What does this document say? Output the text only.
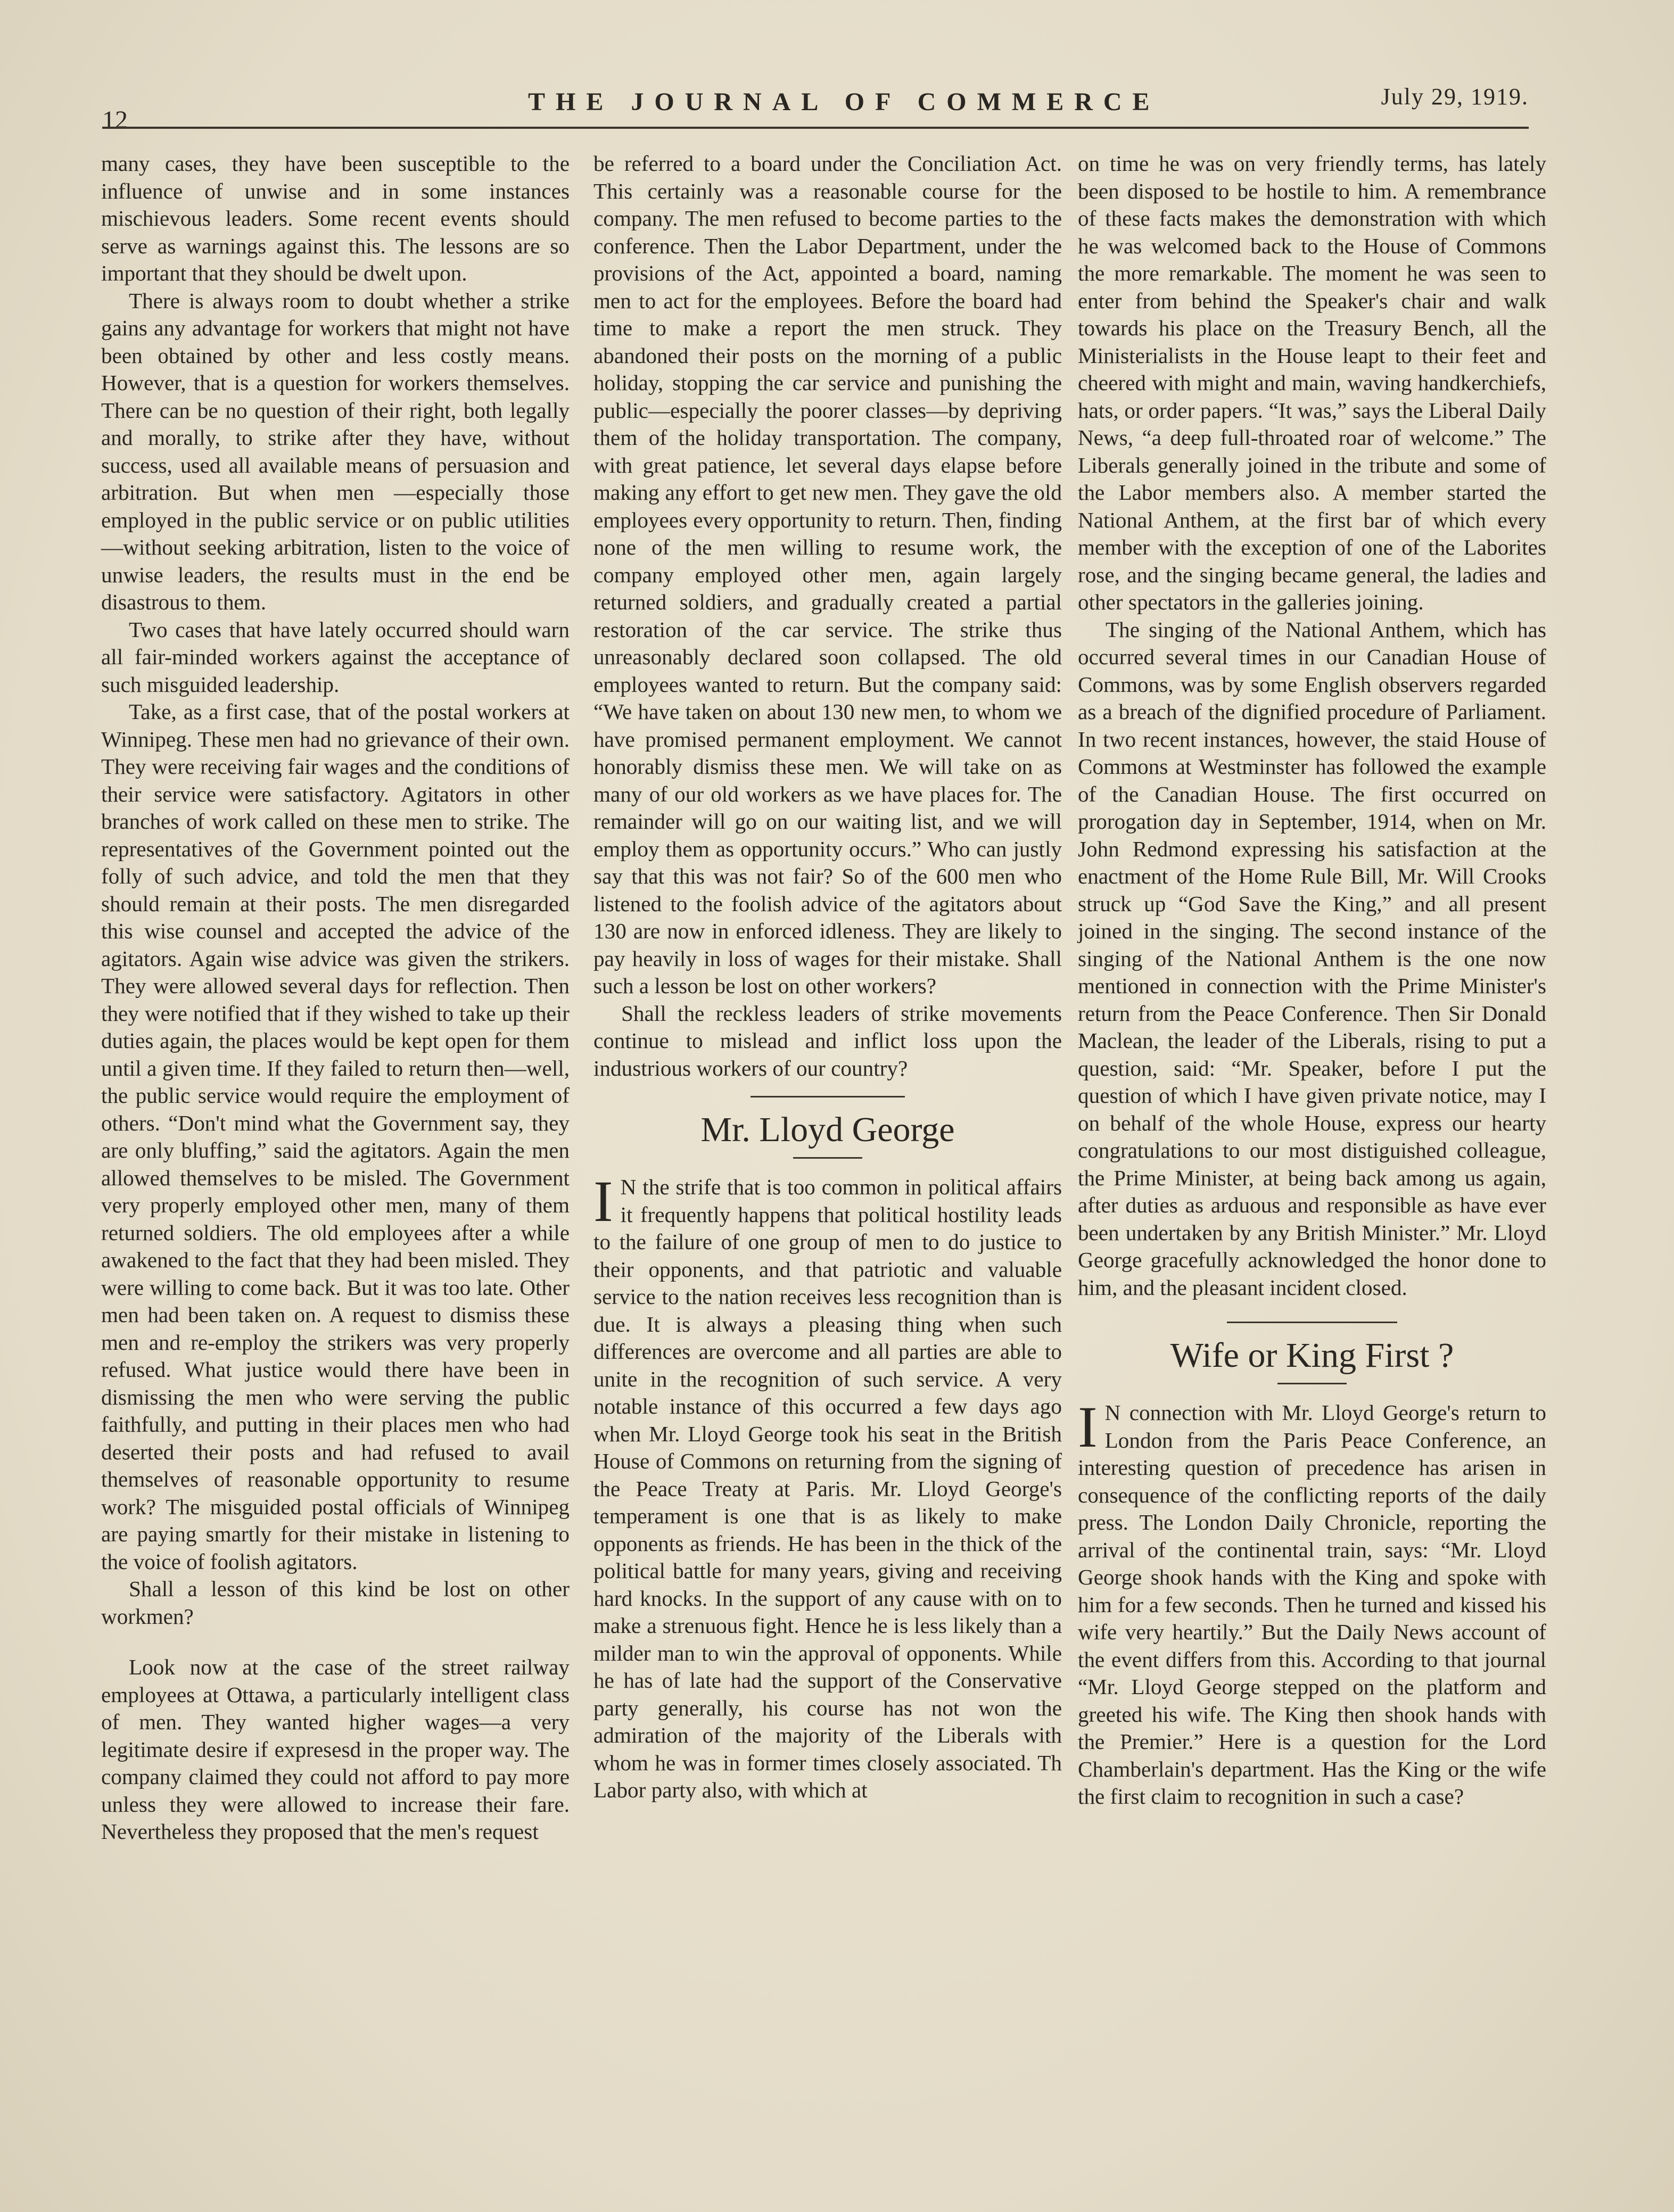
12
THE JOURNAL OF COMMERCE	July 29, 1919.

many cases, they have been susceptible to the influence of unwise and in some instances mischievous leaders. Some recent events should serve as warnings against this. The lessons are so important that they should be dwelt upon.

There is always room to doubt whether a strike gains any advantage for workers that might not have been obtained by other and less costly means. However, that is a question for workers themselves. There can be no question of their right, both legally and morally, to strike after they have, without success, used all available means of persuasion and arbitration. But when men —especially those employed in the public service or on public utilities—without seeking arbitration, listen to the voice of unwise leaders, the results must in the end be disastrous to them.

Two cases that have lately occurred should warn all fair-minded workers against the acceptance of such misguided leadership.

Take, as a first case, that of the postal workers at Winnipeg. These men had no grievance of their own. They were receiving fair wages and the conditions of their service were satisfactory. Agitators in other branches of work called on these men to strike. The representatives of the Government pointed out the folly of such advice, and told the men that they should remain at their posts. The men disregarded this wise counsel and accepted the advice of the agitators. Again wise advice was given the strikers. They were allowed several days for reflection. Then they were notified that if they wished to take up their duties again, the places would be kept open for them until a given time. If they failed to return then—well, the public service would require the employment of others. “Don't mind what the Government say, they are only bluffing,” said the agitators. Again the men allowed themselves to be misled. The Government very properly employed other men, many of them returned soldiers. The old employees after a while awakened to the fact that they had been misled. They were willing to come back. But it was too late. Other men had been taken on. A request to dismiss these men and re-employ the strikers was very properly refused. What justice would there have been in dismissing the men who were serving the public faithfully, and putting in their places men who had deserted their posts and had refused to avail themselves of reasonable opportunity to resume work? The misguided postal officials of Winnipeg are paying smartly for their mistake in listening to the voice of foolish agitators.

Shall a lesson of this kind be lost on other workmen?

Look now at the case of the street railway employees at Ottawa, a particularly intelligent class of men. They wanted higher wages—a very legitimate desire if expresesd in the proper way. The company claimed they could not afford to pay more unless they were allowed to increase their fare. Nevertheless they proposed that the men's request

be referred to a board under the Conciliation Act. This certainly was a reasonable course for the company. The men refused to become parties to the conference. Then the Labor Department, under the provisions of the Act, appointed a board, naming men to act for the employees. Before the board had time to make a report the men struck. They abandoned their posts on the morning of a public holiday, stopping the car service and punishing the public—especially the poorer classes—by depriving them of the holiday transportation. The company, with great patience, let several days elapse before making any effort to get new men. They gave the old employees every opportunity to return. Then, finding none of the men willing to resume work, the company employed other men, again largely returned soldiers, and gradually created a partial restoration of the car service. The strike thus unreasonably declared soon collapsed. The old employees wanted to return. But the company said: “We have taken on about 130 new men, to whom we have promised permanent employment. We cannot honorably dismiss these men. We will take on as many of our old workers as we have places for. The remainder will go on our waiting list, and we will employ them as opportunity occurs.” Who can justly say that this was not fair? So of the 600 men who listened to the foolish advice of the agitators about 130 are now in enforced idleness. They are likely to pay heavily in loss of wages for their mistake. Shall such a lesson be lost on other workers?

Shall the reckless leaders of strike movements continue to mislead and inflict loss upon the industrious workers of our country?

Mr. Lloyd George

I N the strife that is too common in political affairs it frequently happens that political hostility leads to the failure of one group of men to do justice to their opponents, and that patriotic and valuable service to the nation receives less recognition than is due. It is always a pleasing thing when such differences are overcome and all parties are able to unite in the recognition of such service. A very notable instance of this occurred a few days ago when Mr. Lloyd George took his seat in the British House of Commons on returning from the signing of the Peace Treaty at Paris. Mr. Lloyd George's temperament is one that is as likely to make opponents as friends. He has been in the thick of the political battle for many years, giving and receiving hard knocks. In the support of any cause with on to make a strenuous fight. Hence he is less likely than a milder man to win the approval of opponents. While he has of late had the support of the Conservative party generally, his course has not won the admiration of the majority of the Liberals with whom he was in former times closely associated. Th Labor party also, with which at

on time he was on very friendly terms, has lately been disposed to be hostile to him. A remembrance of these facts makes the demonstration with which he was welcomed back to the House of Commons the more remarkable. The moment he was seen to enter from behind the Speaker's chair and walk towards his place on the Treasury Bench, all the Ministerialists in the House leapt to their feet and cheered with might and main, waving handkerchiefs, hats, or order papers. “It was,” says the Liberal Daily News, “a deep full-throated roar of welcome.” The Liberals generally joined in the tribute and some of the Labor members also. A member started the National Anthem, at the first bar of which every member with the exception of one of the Laborites rose, and the singing became general, the ladies and other spectators in the galleries joining.

The singing of the National Anthem, which has occurred several times in our Canadian House of Commons, was by some English observers regarded as a breach of the dignified procedure of Parliament. In two recent instances, however, the staid House of Commons at Westminster has followed the example of the Canadian House. The first occurred on prorogation day in September, 1914, when on Mr. John Redmond expressing his satisfaction at the enactment of the Home Rule Bill, Mr. Will Crooks struck up “God Save the King,” and all present joined in the singing. The second instance of the singing of the National Anthem is the one now mentioned in connection with the Prime Minister's return from the Peace Conference. Then Sir Donald Maclean, the leader of the Liberals, rising to put a question, said: “Mr. Speaker, before I put the question of which I have given private notice, may I on behalf of the whole House, express our hearty congratulations to our most distiguished colleague, the Prime Minister, at being back among us again, after duties as arduous and responsible as have ever been undertaken by any British Minister.” Mr. Lloyd George gracefully acknowledged the honor done to him, and the pleasant incident closed.

Wife or King First ?

I N connection with Mr. Lloyd George's return to London from the Paris Peace Conference, an interesting question of precedence has arisen in consequence of the conflicting reports of the daily press. The London Daily Chronicle, reporting the arrival of the continental train, says: “Mr. Lloyd George shook hands with the King and spoke with him for a few seconds. Then he turned and kissed his wife very heartily.” But the Daily News account of the event differs from this. According to that journal “Mr. Lloyd George stepped on the platform and greeted his wife. The King then shook hands with the Premier.” Here is a question for the Lord Chamberlain's department. Has the King or the wife the first claim to recognition in such a case?
